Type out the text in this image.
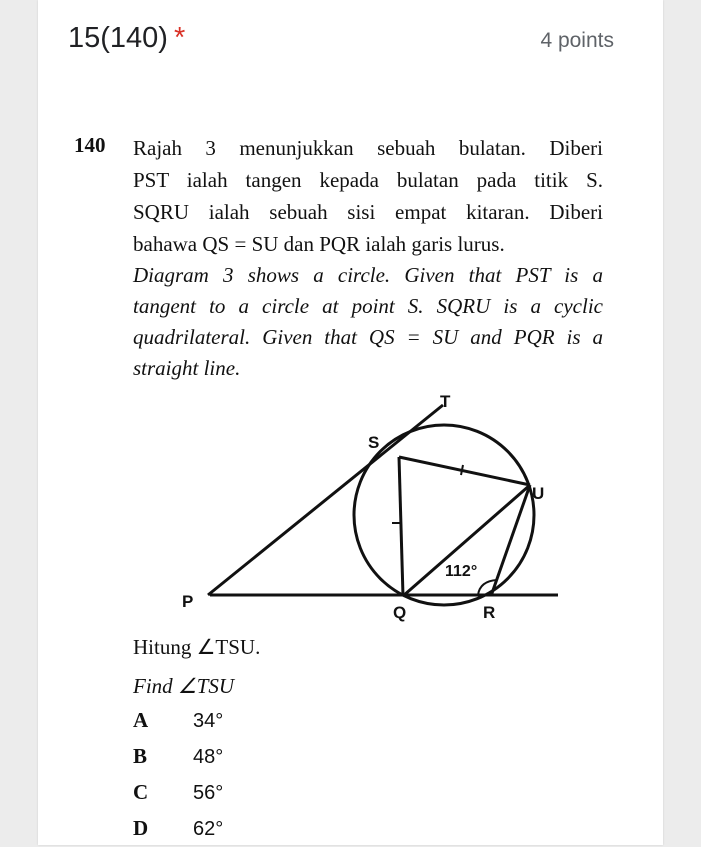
15(140) *	4 points
140 Rajah 3 menunjukkan sebuah bulatan. Diberi
PST ialah tangen kepada bulatan pada titik S.
SQRU ialah sebuah sisi empat kitaran. Diberi
bahawa QS = SU dan PQR ialah garis lurus.
Diagram 3 shows a circle. Given that PST is a
tangent to a circle at point S. SQRU is a cyclic
quadrilateral. Given that QS = SU and PQR is a
straight line.
T
S
U
P
Q	R
112°
Hitung ∠TSU.
Find ∠TSU
A 34°
B 48°
C 56°
D 62°
